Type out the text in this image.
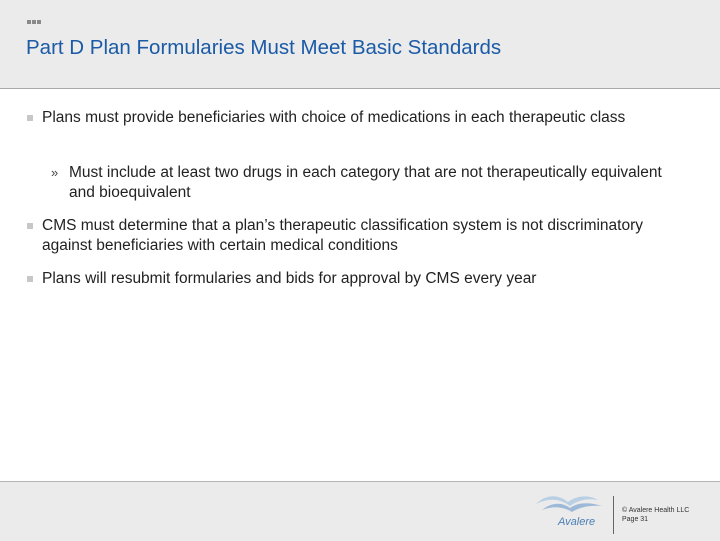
Part D Plan Formularies Must Meet Basic Standards
Plans must provide beneficiaries with choice of medications in each therapeutic class
» Must include at least two drugs in each category that are not therapeutically equivalent and bioequivalent
CMS must determine that a plan’s therapeutic classification system is not discriminatory against beneficiaries with certain medical conditions
Plans will resubmit formularies and bids for approval by CMS every year
Avalere
© Avalere Health LLC
Page 31
